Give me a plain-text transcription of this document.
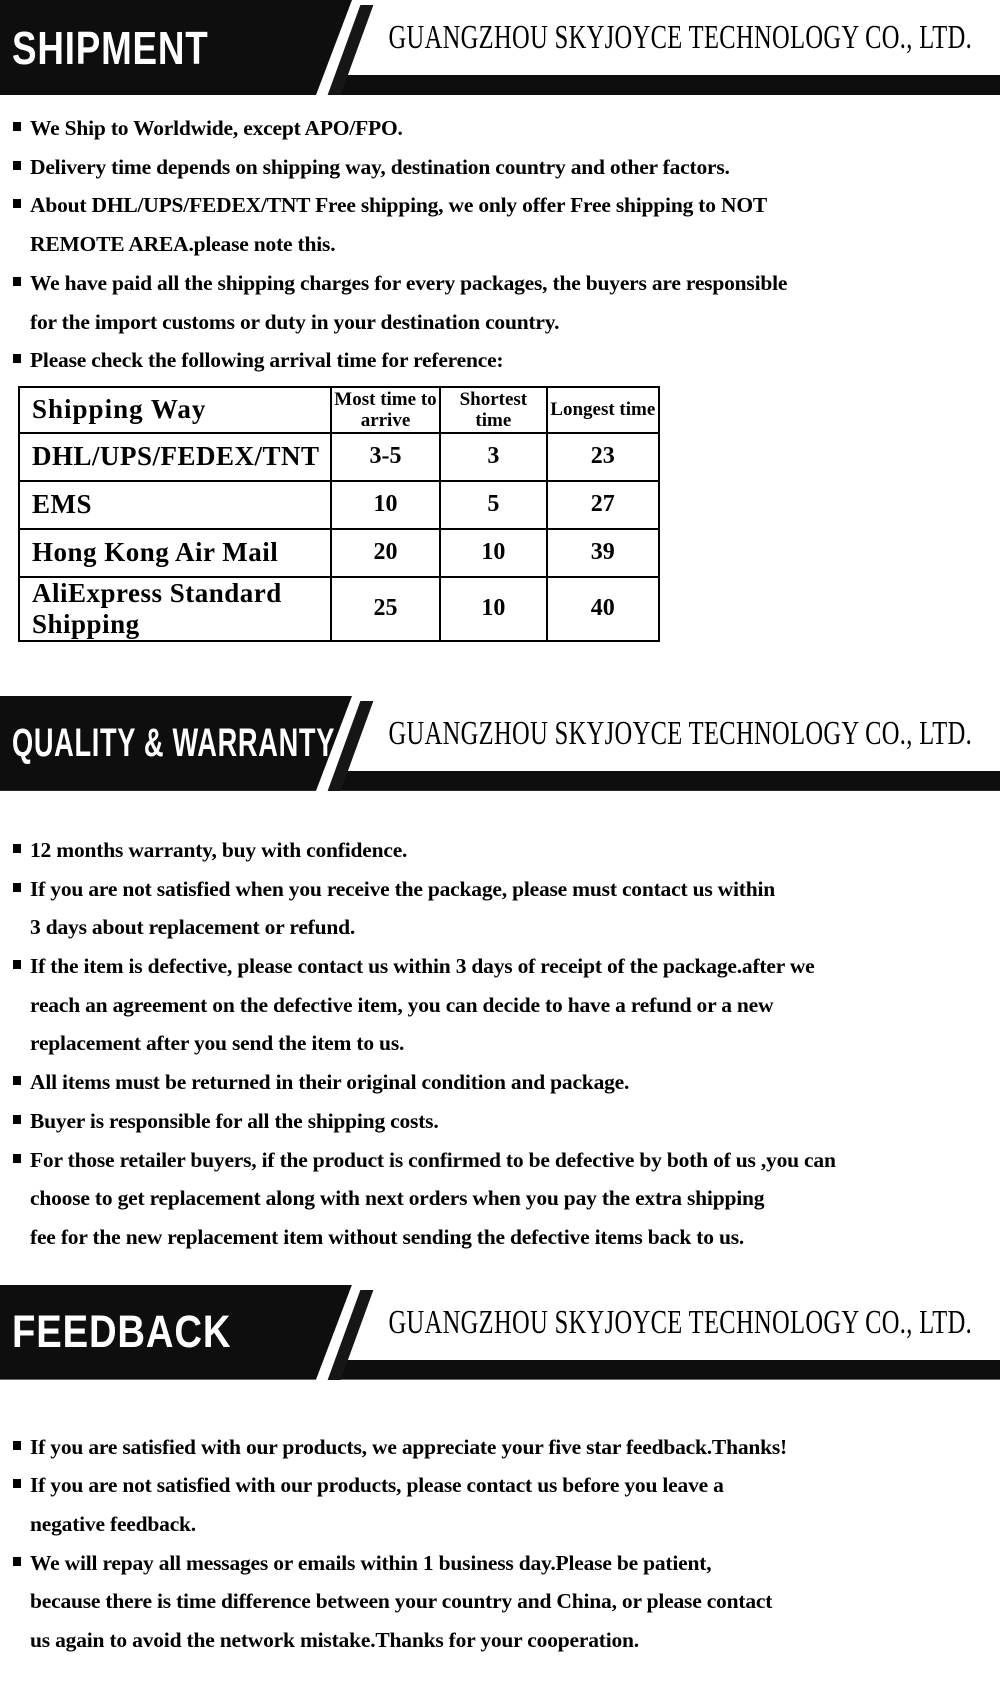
GUANGZHOU SKYJOYCE TECHNOLOGY CO., LTD.
SHIPMENT
We Ship to Worldwide, except APO/FPO.
Delivery time depends on shipping way, destination country and other factors.
About DHL/UPS/FEDEX/TNT Free shipping, we only offer Free shipping to NOT
REMOTE AREA.please note this.
We have paid all the shipping charges for every packages, the buyers are responsible
for the import customs or duty in your destination country.
Please check the following arrival time for reference:
Shipping Way	Most time to arrive	Shortest time	Longest time
DHL/UPS/FEDEX/TNT	3-5	3	23
EMS	10	5	27
Hong Kong Air Mail	20	10	39
AliExpress Standard Shipping	25	10	40
GUANGZHOU SKYJOYCE TECHNOLOGY CO., LTD.
QUALITY & WARRANTY
12 months warranty, buy with confidence.
If you are not satisfied when you receive the package, please must contact us within
3 days about replacement or refund.
If the item is defective, please contact us within 3 days of receipt of the package.after we
reach an agreement on the defective item, you can decide to have a refund or a new
replacement after you send the item to us.
All items must be returned in their original condition and package.
Buyer is responsible for all the shipping costs.
For those retailer buyers, if the product is confirmed to be defective by both of us ,you can
choose to get replacement along with next orders when you pay the extra shipping
fee for the new replacement item without sending the defective items back to us.
GUANGZHOU SKYJOYCE TECHNOLOGY CO., LTD.
FEEDBACK
If you are satisfied with our products, we appreciate your five star feedback.Thanks!
If you are not satisfied with our products, please contact us before you leave a
negative feedback.
We will repay all messages or emails within 1 business day.Please be patient,
because there is time difference between your country and China, or please contact
us again to avoid the network mistake.Thanks for your cooperation.
